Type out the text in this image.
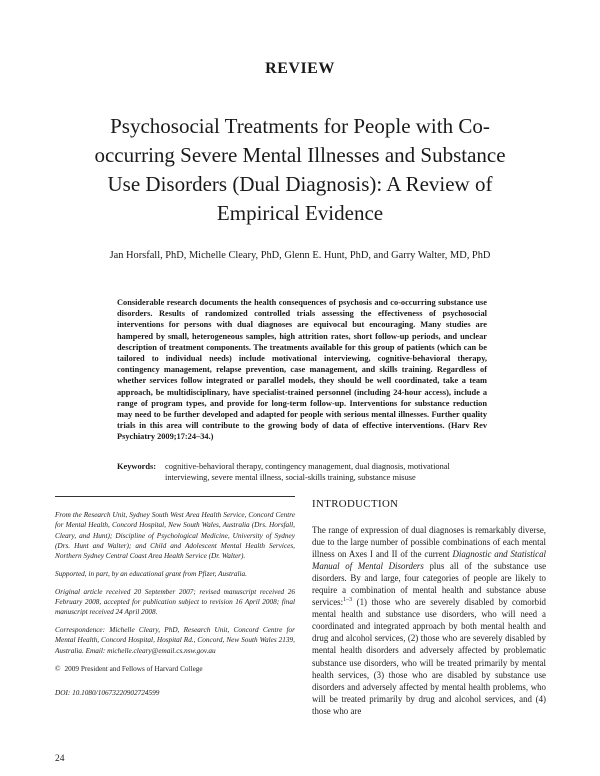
REVIEW
Psychosocial Treatments for People with Co-occurring Severe Mental Illnesses and Substance Use Disorders (Dual Diagnosis): A Review of Empirical Evidence
Jan Horsfall, PhD, Michelle Cleary, PhD, Glenn E. Hunt, PhD, and Garry Walter, MD, PhD

Considerable research documents the health consequences of psychosis and co-occurring substance use disorders. Results of randomized controlled trials assessing the effectiveness of psychosocial interventions for persons with dual diagnoses are equivocal but encouraging. Many studies are hampered by small, heterogeneous samples, high attrition rates, short follow-up periods, and unclear description of treatment components. The treatments available for this group of patients (which can be tailored to individual needs) include motivational interviewing, cognitive-behavioral therapy, contingency management, relapse prevention, case management, and skills training. Regardless of whether services follow integrated or parallel models, they should be well coordinated, take a team approach, be multidisciplinary, have specialist-trained personnel (including 24-hour access), include a range of program types, and provide for long-term follow-up. Interventions for substance reduction may need to be further developed and adapted for people with serious mental illnesses. Further quality trials in this area will contribute to the growing body of data of effective interventions. (Harv Rev Psychiatry 2009;17:24–34.)

Keywords:	cognitive-behavioral therapy, contingency management, dual diagnosis, motivational interviewing, severe mental illness, social-skills training, substance misuse

From the Research Unit, Sydney South West Area Health Service, Concord Centre for Mental Health, Concord Hospital, New South Wales, Australia (Drs. Horsfall, Cleary, and Hunt); Discipline of Psychological Medicine, University of Sydney (Drs. Hunt and Walter); and Child and Adolescent Mental Health Services, Northern Sydney Central Coast Area Health Service (Dr. Walter).

Supported, in part, by an educational grant from Pfizer, Australia.

Original article received 20 September 2007; revised manuscript received 26 February 2008, accepted for publication subject to revision 16 April 2008; final manuscript received 24 April 2008.

Correspondence: Michelle Cleary, PhD, Research Unit, Concord Centre for Mental Health, Concord Hospital, Hospital Rd., Concord, New South Wales 2139, Australia. Email: michelle.cleary@email.cs.nsw.gov.au

© 2009 President and Fellows of Harvard College

DOI: 10.1080/10673220902724599

INTRODUCTION

The range of expression of dual diagnoses is remarkably diverse, due to the large number of possible combinations of each mental illness on Axes I and II of the current Diagnostic and Statistical Manual of Mental Disorders plus all of the substance use disorders. By and large, four categories of people are likely to require a combination of mental health and substance abuse services:$^{1-3}$ (1) those who are severely disabled by comorbid mental health and substance use disorders, who will need a coordinated and integrated approach by both mental health and drug and alcohol services, (2) those who are severely disabled by mental health disorders and adversely affected by problematic substance use disorders, who will be treated primarily by mental health services, (3) those who are disabled by substance use disorders and adversely affected by mental health problems, who will be treated primarily by drug and alcohol services, and (4) those who are

24
